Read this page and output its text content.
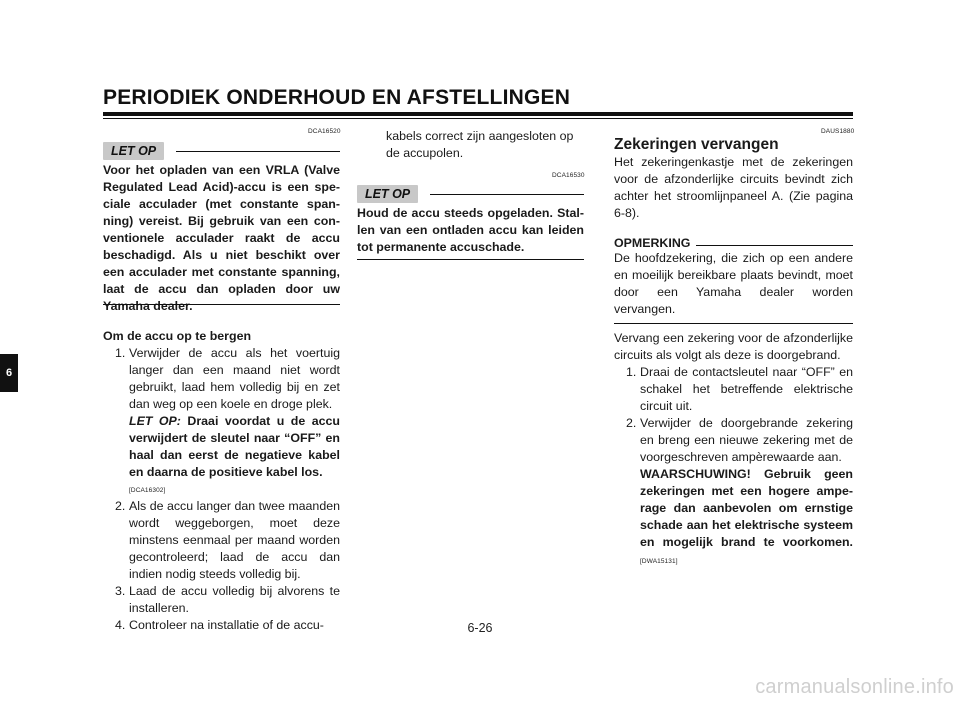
PERIODIEK ONDERHOUD EN AFSTELLINGEN
6
DCA16520
LET OP
Voor het opladen van een VRLA (Valve Regulated Lead Acid)-accu is een speciale acculader (met constante spanning) vereist. Bij gebruik van een conventionele acculader raakt de accu beschadigd. Als u niet beschikt over een acculader met constante spanning, laat de accu dan opladen door uw Yamaha dealer.

Om de accu op te bergen

1. Verwijder de accu als het voertuig langer dan een maand niet wordt gebruikt, laad hem volledig bij en zet dan weg op een koele en droge plek.

LET OP: Draai voordat u de accu verwijdert de sleutel naar “OFF” en haal dan eerst de negatieve kabel en daarna de positieve kabel los.

[DCA16302]

2. Als de accu langer dan twee maanden wordt weggeborgen, moet deze minstens eenmaal per maand worden gecontroleerd; laad de accu dan indien nodig steeds volledig bij.

3. Laad de accu volledig bij alvorens te installeren.

4. Controleer na installatie of de accu-

kabels correct zijn aangesloten op de accupolen.
DCA16530
LET OP
Houd de accu steeds opgeladen. Stallen van een ontladen accu kan leiden tot permanente accuschade.
DAUS1880

Zekeringen vervangen

Het zekeringenkastje met de zekeringen voor de afzonderlijke circuits bevindt zich achter het stroomlijnpaneel A. (Zie pagina 6-8).

OPMERKING

De hoofdzekering, die zich op een andere en moeilijk bereikbare plaats bevindt, moet door een Yamaha dealer worden vervangen.

Vervang een zekering voor de afzonderlijke circuits als volgt als deze is doorgebrand.

1. Draai de contactsleutel naar “OFF” en schakel het betreffende elektrische circuit uit.

2. Verwijder de doorgebrande zekering en breng een nieuwe zekering met de voorgeschreven ampèrewaarde aan.

WAARSCHUWING! Gebruik geen zekeringen met een hogere amperage dan aanbevolen om ernstige schade aan het elektrische systeem en mogelijk brand te voorkomen. [DWA15131]

6-26
carmanualsonline.info
